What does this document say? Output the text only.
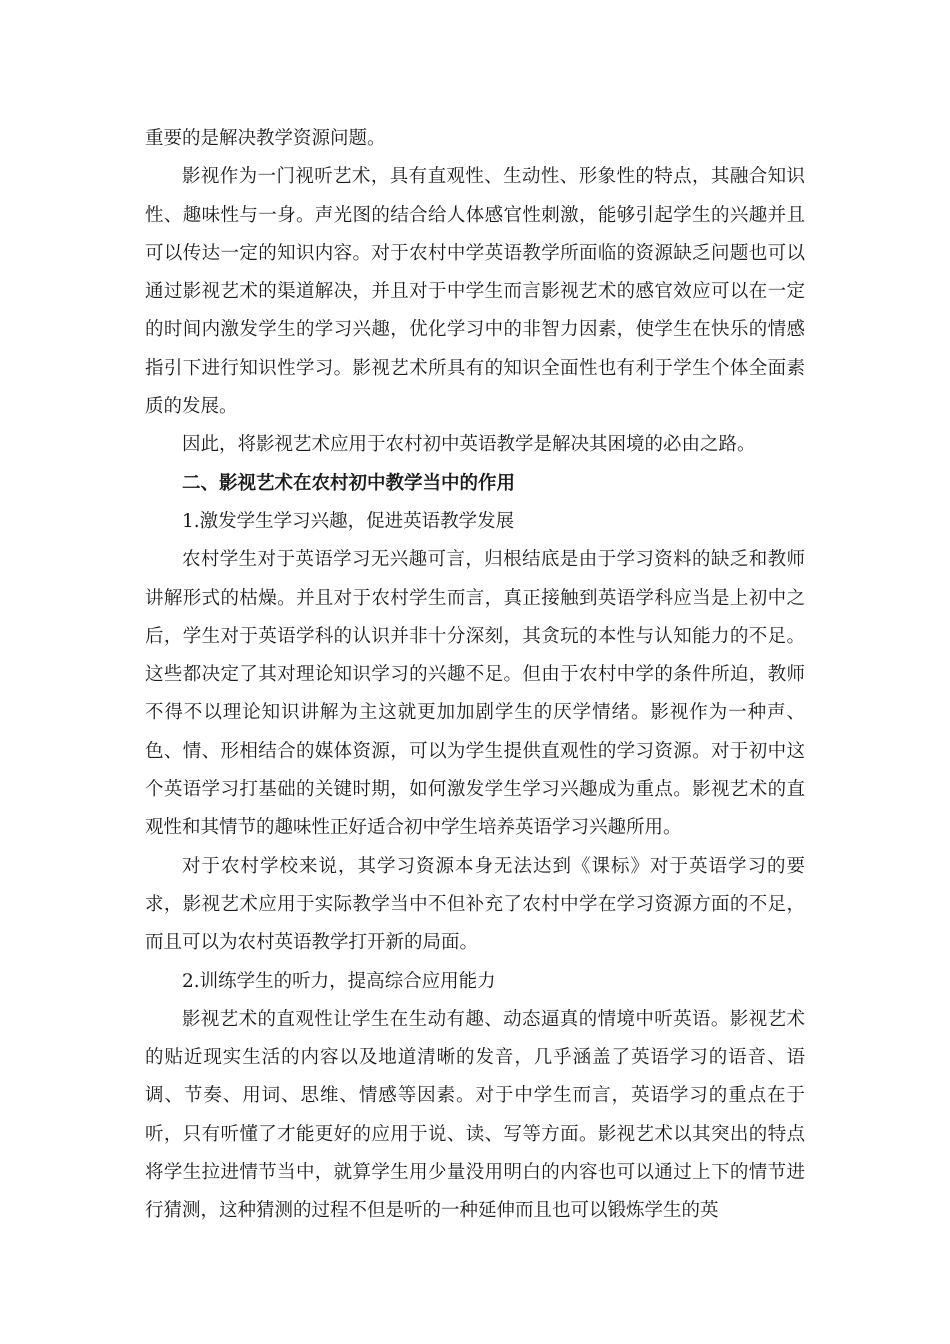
重要的是解决教学资源问题。

影视作为一门视听艺术，具有直观性、生动性、形象性的特点，其融合知识性、趣味性与一身。声光图的结合给人体感官性刺激，能够引起学生的兴趣并且可以传达一定的知识内容。对于农村中学英语教学所面临的资源缺乏问题也可以通过影视艺术的渠道解决，并且对于中学生而言影视艺术的感官效应可以在一定的时间内激发学生的学习兴趣，优化学习中的非智力因素，使学生在快乐的情感指引下进行知识性学习。影视艺术所具有的知识全面性也有利于学生个体全面素质的发展。

因此，将影视艺术应用于农村初中英语教学是解决其困境的必由之路。

二、影视艺术在农村初中教学当中的作用

1.激发学生学习兴趣，促进英语教学发展

农村学生对于英语学习无兴趣可言，归根结底是由于学习资料的缺乏和教师讲解形式的枯燥。并且对于农村学生而言，真正接触到英语学科应当是上初中之后，学生对于英语学科的认识并非十分深刻，其贪玩的本性与认知能力的不足。这些都决定了其对理论知识学习的兴趣不足。但由于农村中学的条件所迫，教师不得不以理论知识讲解为主这就更加加剧学生的厌学情绪。影视作为一种声、色、情、形相结合的媒体资源，可以为学生提供直观性的学习资源。对于初中这个英语学习打基础的关键时期，如何激发学生学习兴趣成为重点。影视艺术的直观性和其情节的趣味性正好适合初中学生培养英语学习兴趣所用。

对于农村学校来说，其学习资源本身无法达到《课标》对于英语学习的要求，影视艺术应用于实际教学当中不但补充了农村中学在学习资源方面的不足，而且可以为农村英语教学打开新的局面。

2.训练学生的听力，提高综合应用能力

影视艺术的直观性让学生在生动有趣、动态逼真的情境中听英语。影视艺术的贴近现实生活的内容以及地道清晰的发音，几乎涵盖了英语学习的语音、语调、节奏、用词、思维、情感等因素。对于中学生而言，英语学习的重点在于听，只有听懂了才能更好的应用于说、读、写等方面。影视艺术以其突出的特点将学生拉进情节当中，就算学生用少量没用明白的内容也可以通过上下的情节进行猜测，这种猜测的过程不但是听的一种延伸而且也可以锻炼学生的英
